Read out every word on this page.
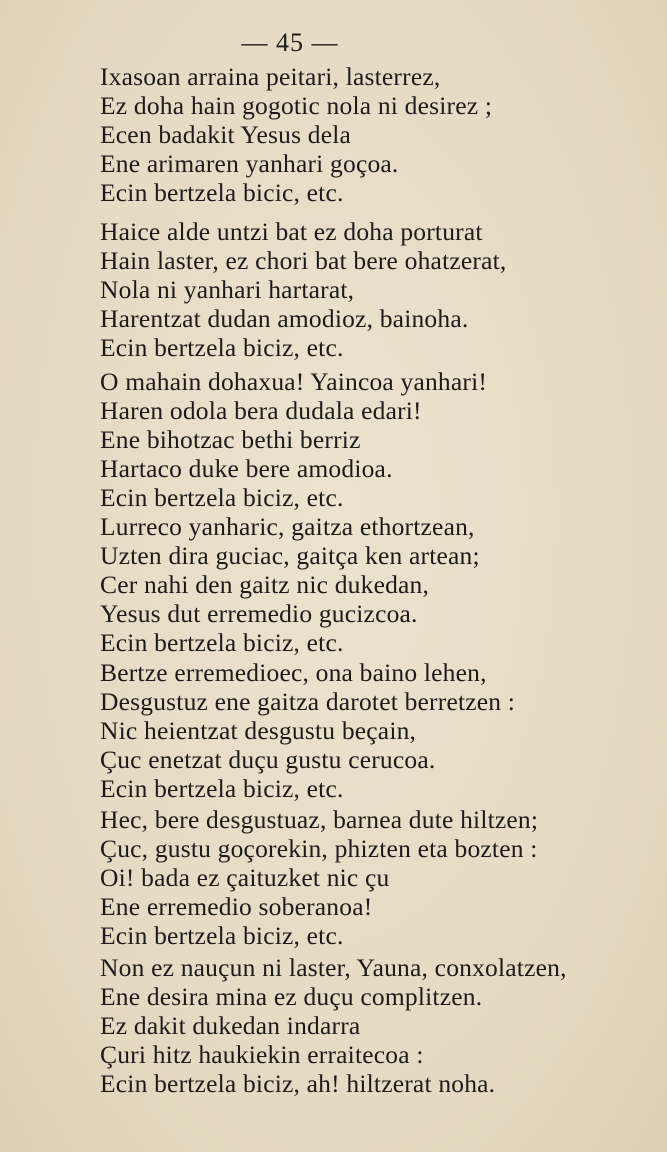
— 45 —
Ixasoan arraina peitari, lasterrez,
Ez doha hain gogotic nola ni desirez ;
Ecen badakit Yesus dela
Ene arimaren yanhari goçoa.
Ecin bertzela bicic, etc.
Haice alde untzi bat ez doha porturat
Hain laster, ez chori bat bere ohatzerat,
Nola ni yanhari hartarat,
Harentzat dudan amodioz, bainoha.
Ecin bertzela biciz, etc.
O mahain dohaxua! Yaincoa yanhari!
Haren odola bera dudala edari!
Ene bihotzac bethi berriz
Hartaco duke bere amodioa.
Ecin bertzela biciz, etc.
Lurreco yanharic, gaitza ethortzean,
Uzten dira guciac, gaitça ken artean;
Cer nahi den gaitz nic dukedan,
Yesus dut erremedio gucizcoa.
Ecin bertzela biciz, etc.
Bertze erremedioec, ona baino lehen,
Desgustuz ene gaitza darotet berretzen :
Nic heientzat desgustu beçain,
Çuc enetzat duçu gustu cerucoa.
Ecin bertzela biciz, etc.
Hec, bere desgustuaz, barnea dute hiltzen;
Çuc, gustu goçorekin, phizten eta bozten :
Oi! bada ez çaituzket nic çu
Ene erremedio soberanoa!
Ecin bertzela biciz, etc.
Non ez nauçun ni laster, Yauna, conxolatzen,
Ene desira mina ez duçu complitzen.
Ez dakit dukedan indarra
Çuri hitz haukiekin erraitecoa :
Ecin bertzela biciz, ah! hiltzerat noha.
